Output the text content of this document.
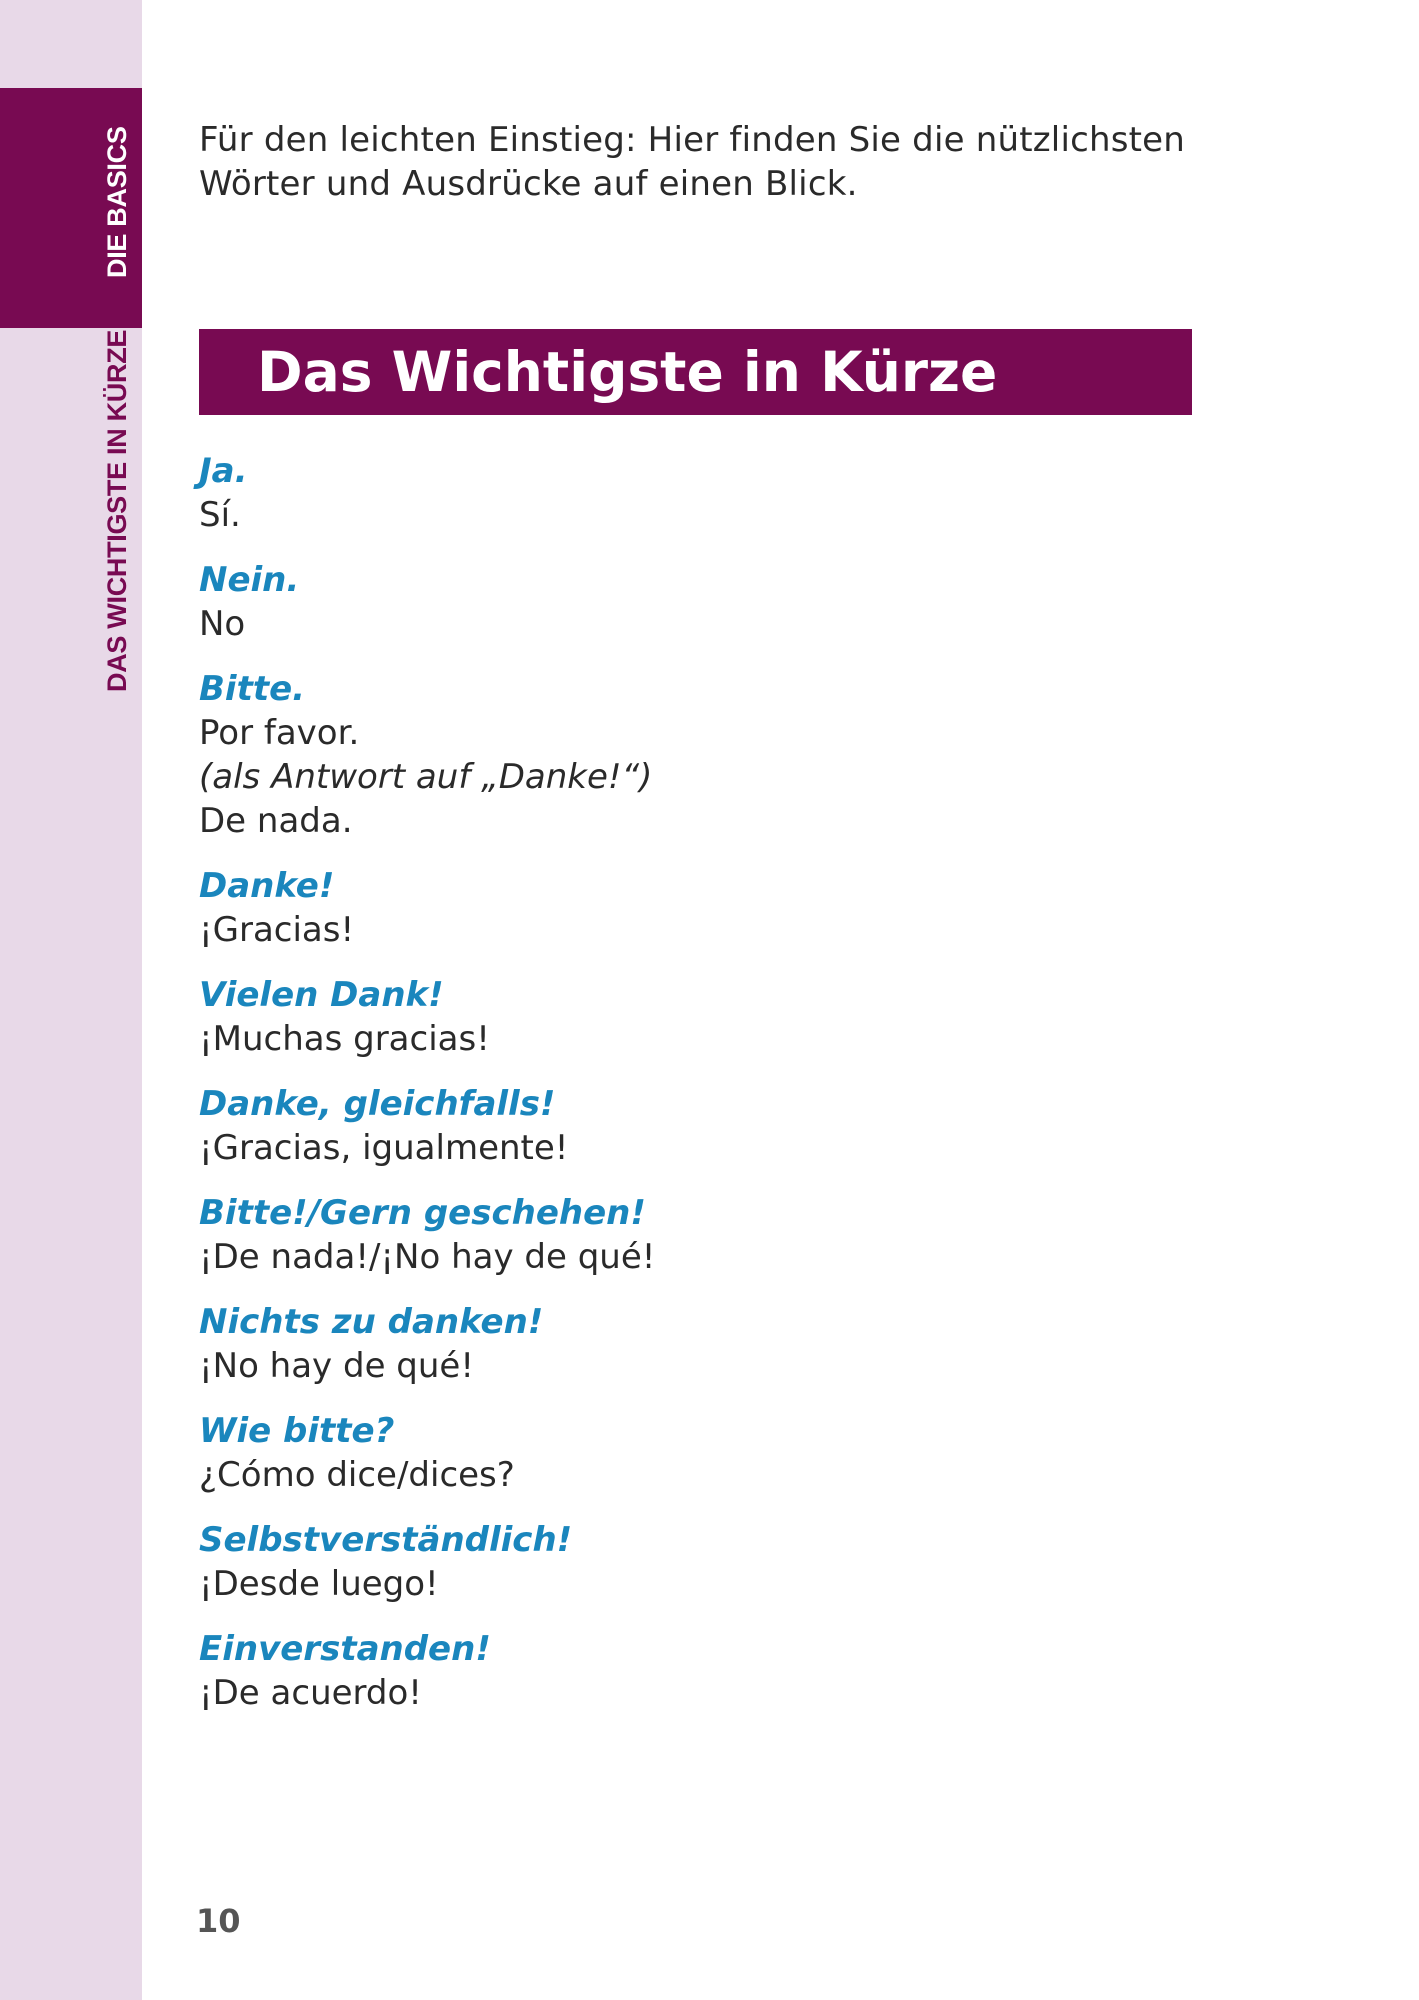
DIE BASICS
DAS WICHTIGSTE IN KÜRZE
Für den leichten Einstieg: Hier finden Sie die nützlichsten Wörter und Ausdrücke auf einen Blick.
Das Wichtigste in Kürze
Ja.
Sí.
Nein.
No
Bitte.
Por favor.
(als Antwort auf „Danke!“)
De nada.
Danke!
¡Gracias!
Vielen Dank!
¡Muchas gracias!
Danke, gleichfalls!
¡Gracias, igualmente!
Bitte!/Gern geschehen!
¡De nada!/¡No hay de qué!
Nichts zu danken!
¡No hay de qué!
Wie bitte?
¿Cómo dice/dices?
Selbstverständlich!
¡Desde luego!
Einverstanden!
¡De acuerdo!
10
